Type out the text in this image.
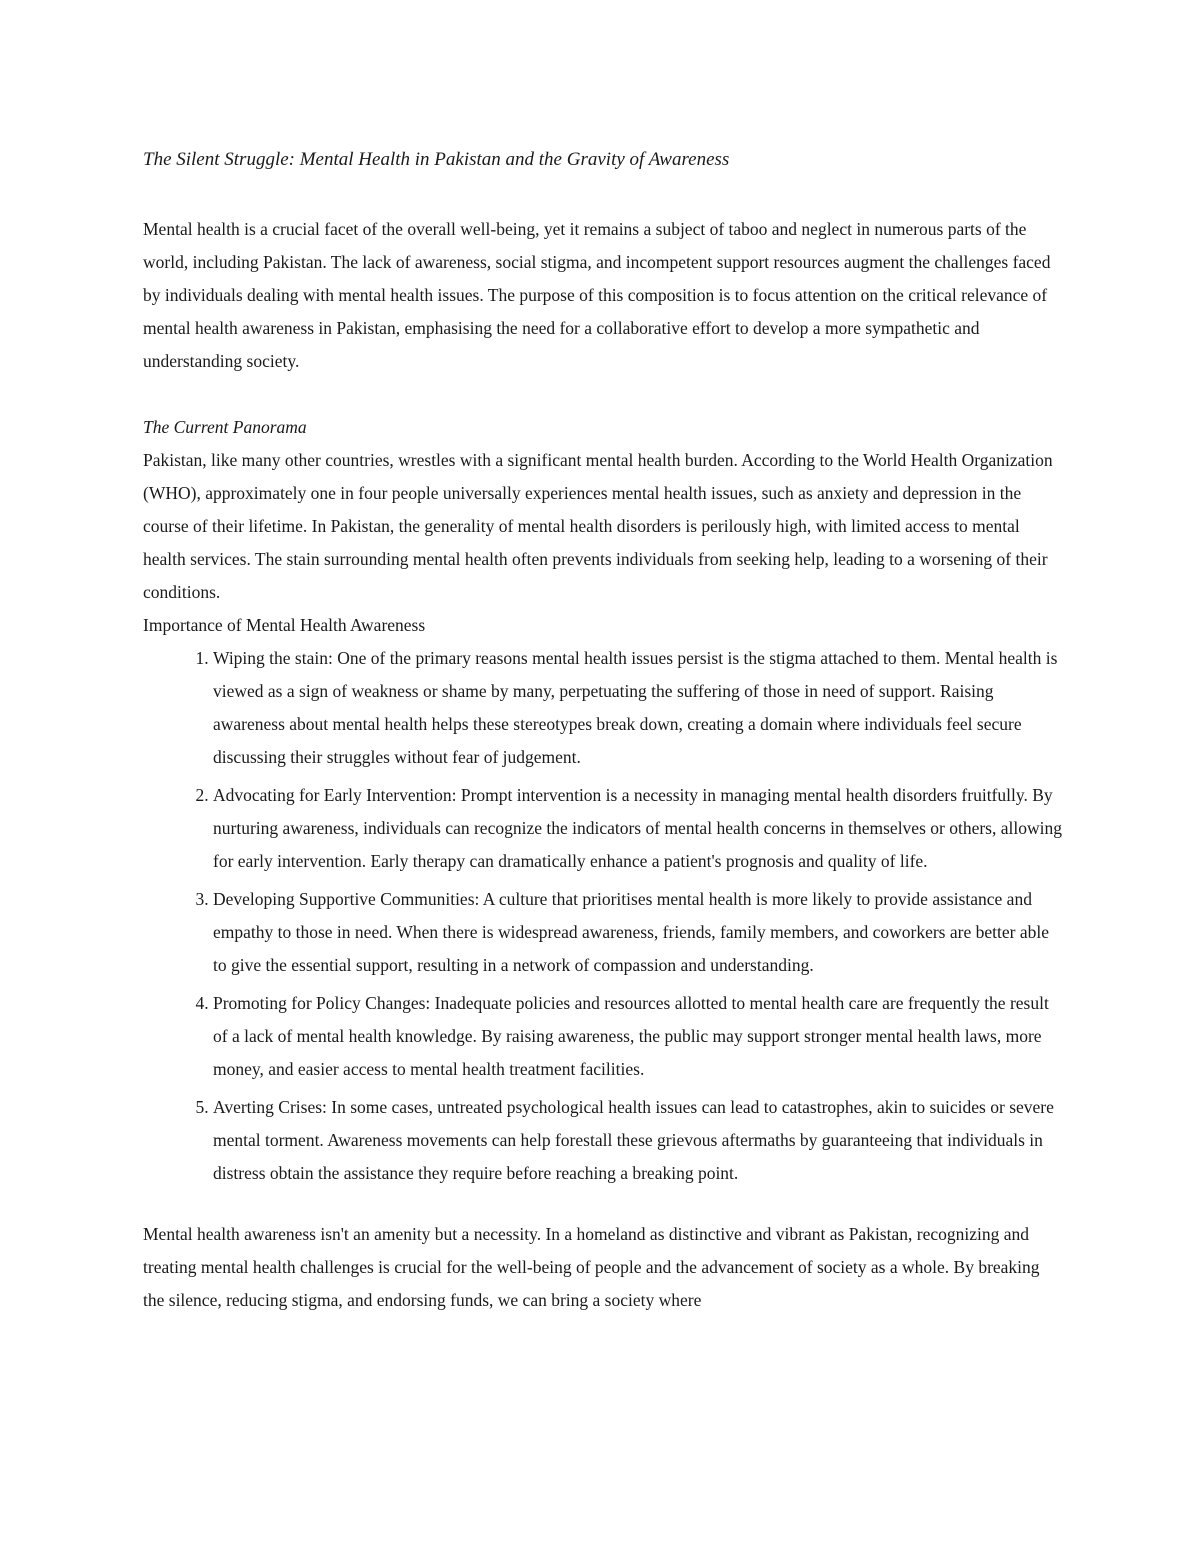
The Silent Struggle: Mental Health in Pakistan and the Gravity of Awareness

Mental health is a crucial facet of the overall well-being, yet it remains a subject of taboo and neglect in numerous parts of the world, including Pakistan. The lack of awareness, social stigma, and incompetent support resources augment the challenges faced by individuals dealing with mental health issues. The purpose of this composition is to focus attention on the critical relevance of mental health awareness in Pakistan, emphasising the need for a collaborative effort to develop a more sympathetic and understanding society.

The Current Panorama

Pakistan, like many other countries, wrestles with a significant mental health burden. According to the World Health Organization (WHO), approximately one in four people universally experiences mental health issues, such as anxiety and depression in the course of their lifetime. In Pakistan, the generality of mental health disorders is perilously high, with limited access to mental health services. The stain surrounding mental health often prevents individuals from seeking help, leading to a worsening of their conditions.

Importance of Mental Health Awareness

1. Wiping the stain: One of the primary reasons mental health issues persist is the stigma attached to them. Mental health is viewed as a sign of weakness or shame by many, perpetuating the suffering of those in need of support. Raising awareness about mental health helps these stereotypes break down, creating a domain where individuals feel secure discussing their struggles without fear of judgement.
2. Advocating for Early Intervention: Prompt intervention is a necessity in managing mental health disorders fruitfully. By nurturing awareness, individuals can recognize the indicators of mental health concerns in themselves or others, allowing for early intervention. Early therapy can dramatically enhance a patient's prognosis and quality of life.
3. Developing Supportive Communities: A culture that prioritises mental health is more likely to provide assistance and empathy to those in need. When there is widespread awareness, friends, family members, and coworkers are better able to give the essential support, resulting in a network of compassion and understanding.
4. Promoting for Policy Changes: Inadequate policies and resources allotted to mental health care are frequently the result of a lack of mental health knowledge. By raising awareness, the public may support stronger mental health laws, more money, and easier access to mental health treatment facilities.
5. Averting Crises: In some cases, untreated psychological health issues can lead to catastrophes, akin to suicides or severe mental torment. Awareness movements can help forestall these grievous aftermaths by guaranteeing that individuals in distress obtain the assistance they require before reaching a breaking point.

Mental health awareness isn't an amenity but a necessity. In a homeland as distinctive and vibrant as Pakistan, recognizing and treating mental health challenges is crucial for the well-being of people and the advancement of society as a whole. By breaking the silence, reducing stigma, and endorsing funds, we can bring a society where
